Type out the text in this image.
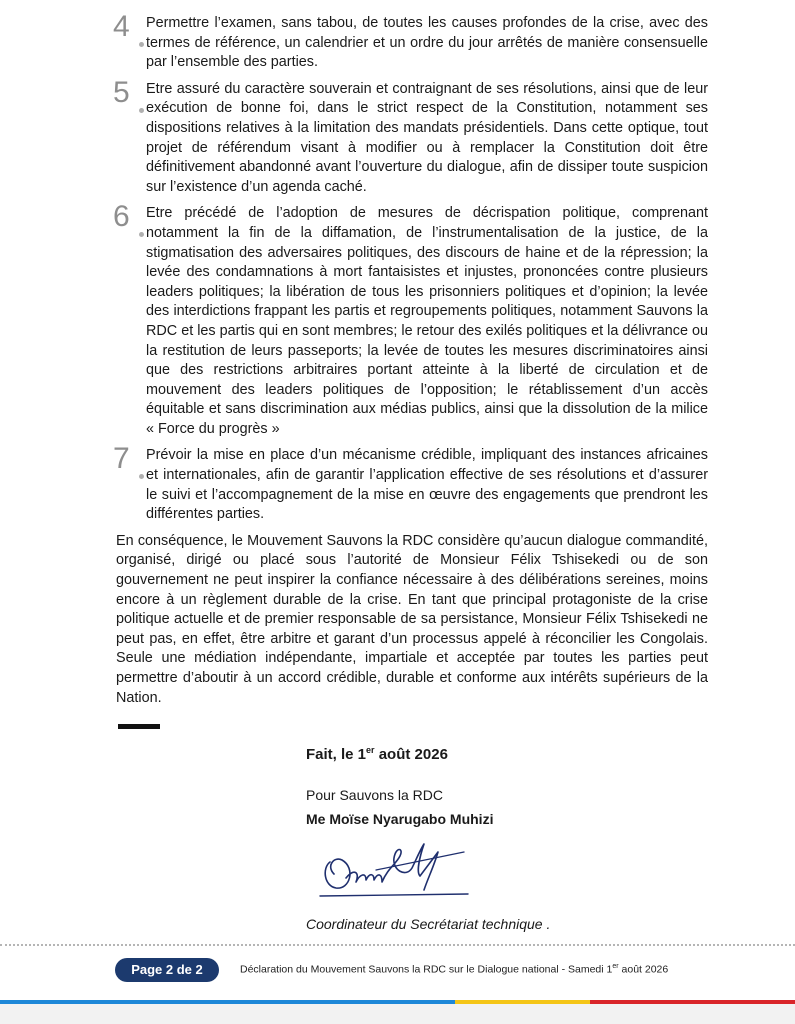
4 Permettre l’examen, sans tabou, de toutes les causes profondes de la crise, avec des termes de référence, un calendrier et un ordre du jour arrêtés de manière consensuelle par l’ensemble des parties.
5 Etre assuré du caractère souverain et contraignant de ses résolutions, ainsi que de leur exécution de bonne foi, dans le strict respect de la Constitution, notamment ses dispositions relatives à la limitation des mandats présidentiels. Dans cette optique, tout projet de référendum visant à modifier ou à remplacer la Constitution doit être définitivement abandonné avant l’ouverture du dialogue, afin de dissiper toute suspicion sur l’existence d’un agenda caché.
6 Etre précédé de l’adoption de mesures de décrispation politique, comprenant notamment la fin de la diffamation, de l’instrumentalisation de la justice, de la stigmatisation des adversaires politiques, des discours de haine et de la répression; la levée des condamnations à mort fantaisistes et injustes, prononcées contre plusieurs leaders politiques; la libération de tous les prisonniers politiques et d’opinion; la levée des interdictions frappant les partis et regroupements politiques, notamment Sauvons la RDC et les partis qui en sont membres; le retour des exilés politiques et la délivrance ou la restitution de leurs passeports; la levée de toutes les mesures discriminatoires ainsi que des restrictions arbitraires portant atteinte à la liberté de circulation et de mouvement des leaders politiques de l’opposition; le rétablissement d’un accès équitable et sans discrimination aux médias publics, ainsi que la dissolution de la milice « Force du progrès »
7 Prévoir la mise en place d’un mécanisme crédible, impliquant des instances africaines et internationales, afin de garantir l’application effective de ses résolutions et d’assurer le suivi et l’accompagnement de la mise en œuvre des engagements que prendront les différentes parties.

En conséquence, le Mouvement Sauvons la RDC considère qu’aucun dialogue commandité, organisé, dirigé ou placé sous l’autorité de Monsieur Félix Tshisekedi ou de son gouvernement ne peut inspirer la confiance nécessaire à des délibérations sereines, moins encore à un règlement durable de la crise. En tant que principal protagoniste de la crise politique actuelle et de premier responsable de sa persistance, Monsieur Félix Tshisekedi ne peut pas, en effet, être arbitre et garant d’un processus appelé à réconcilier les Congolais. Seule une médiation indépendante, impartiale et acceptée par toutes les parties peut permettre d’aboutir à un accord crédible, durable et conforme aux intérêts supérieurs de la Nation.

Fait, le 1er août 2026

Pour Sauvons la RDC

Me Moïse Nyarugabo Muhizi

Coordinateur du Secrétariat technique .
Page 2 de 2	Déclaration du Mouvement Sauvons la RDC sur le Dialogue national - Samedi 1er août 2026
